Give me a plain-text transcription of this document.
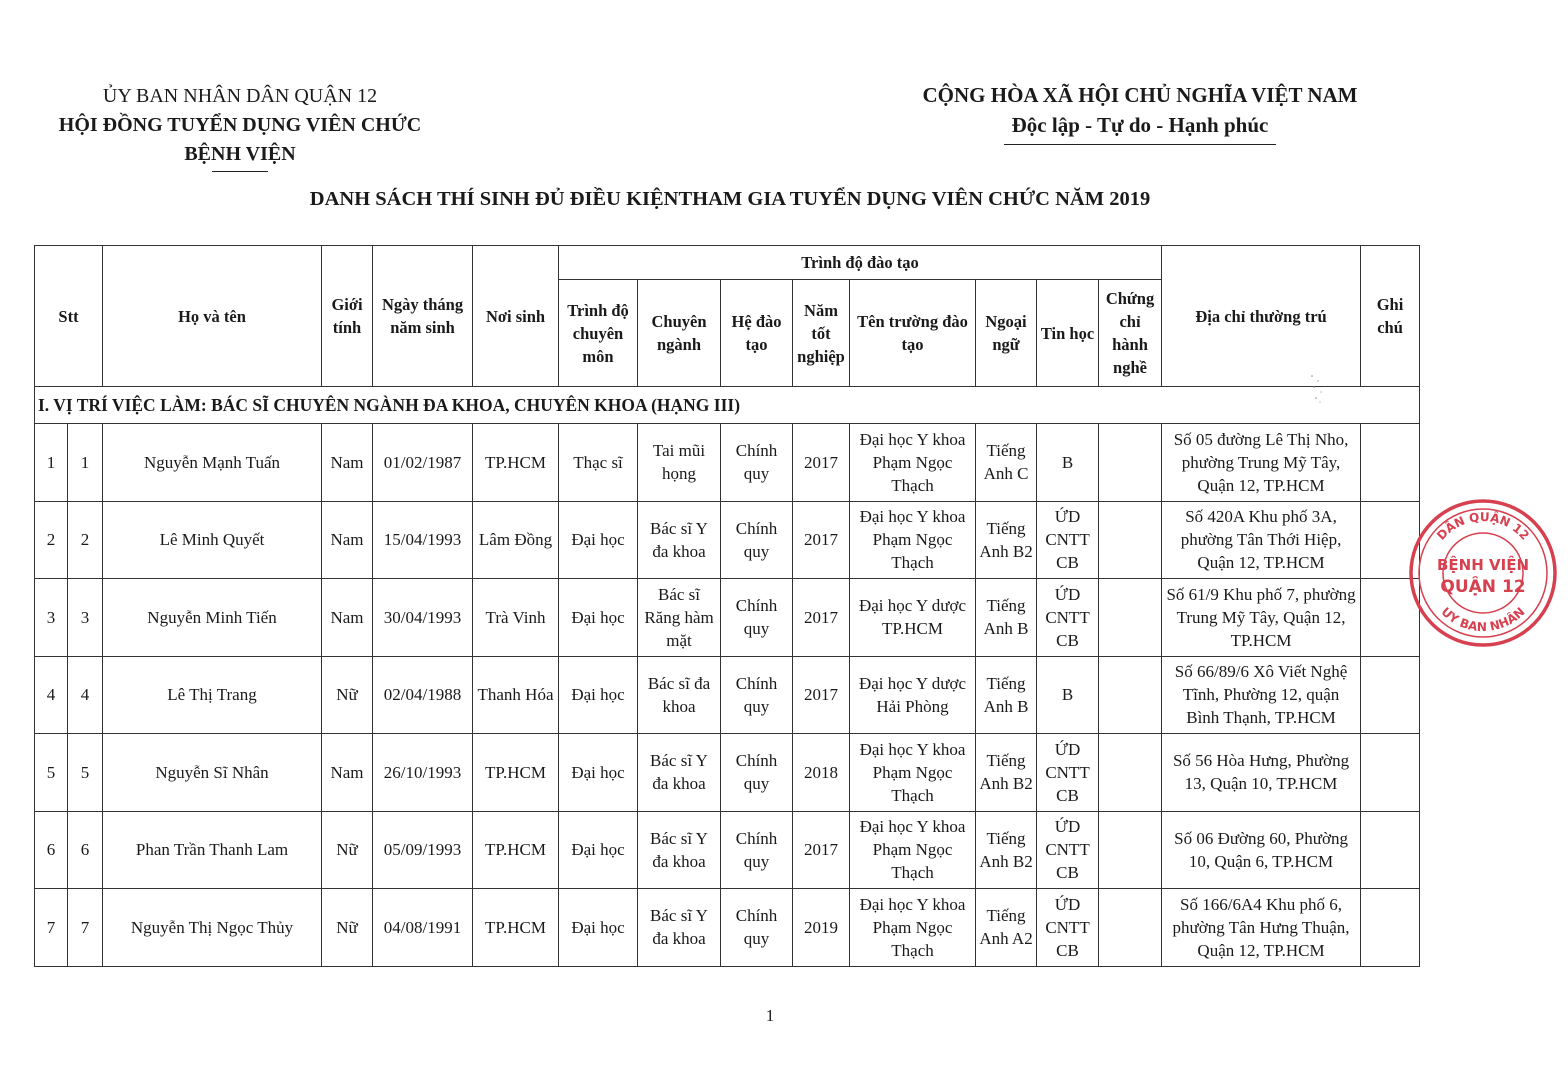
ỦY BAN NHÂN DÂN QUẬN 12
HỘI ĐỒNG TUYỂN DỤNG VIÊN CHỨC
BỆNH VIỆN
CỘNG HÒA XÃ HỘI CHỦ NGHĨA VIỆT NAM
Độc lập - Tự do - Hạnh phúc
DANH SÁCH THÍ SINH ĐỦ ĐIỀU KIỆNTHAM GIA TUYỂN DỤNG VIÊN CHỨC NĂM 2019
Stt		Họ và tên	Giới tính	Ngày tháng năm sinh	Nơi sinh	Trình độ đào tạo								Địa chỉ thường trú	Ghi chú
						Trình độ chuyên môn	Chuyên ngành	Hệ đào tạo	Năm tốt nghiệp	Tên trường đào tạo	Ngoại ngữ	Tin học	Chứng chỉ hành nghề		
I. VỊ TRÍ VIỆC LÀM: BÁC SĨ CHUYÊN NGÀNH ĐA KHOA, CHUYÊN KHOA (HẠNG III)															
1	1	Nguyễn Mạnh Tuấn	Nam	01/02/1987	TP.HCM	Thạc sĩ	Tai mũi họng	Chính quy	2017	Đại học Y khoa Phạm Ngọc Thạch	Tiếng Anh C	B		Số 05 đường Lê Thị Nho, phường Trung Mỹ Tây, Quận 12, TP.HCM	
2	2	Lê Minh Quyết	Nam	15/04/1993	Lâm Đồng	Đại học	Bác sĩ Y đa khoa	Chính quy	2017	Đại học Y khoa Phạm Ngọc Thạch	Tiếng Anh B2	ỨD CNTT CB		Số 420A Khu phố 3A, phường Tân Thới Hiệp, Quận 12, TP.HCM	
3	3	Nguyễn Minh Tiến	Nam	30/04/1993	Trà Vinh	Đại học	Bác sĩ Răng hàm mặt	Chính quy	2017	Đại học Y dược TP.HCM	Tiếng Anh B	ỨD CNTT CB		Số 61/9 Khu phố 7, phường Trung Mỹ Tây, Quận 12, TP.HCM	
4	4	Lê Thị Trang	Nữ	02/04/1988	Thanh Hóa	Đại học	Bác sĩ đa khoa	Chính quy	2017	Đại học Y dược Hải Phòng	Tiếng Anh B	B		Số 66/89/6 Xô Viết Nghệ Tĩnh, Phường 12, quận Bình Thạnh, TP.HCM	
5	5	Nguyễn Sĩ Nhân	Nam	26/10/1993	TP.HCM	Đại học	Bác sĩ Y đa khoa	Chính quy	2018	Đại học Y khoa Phạm Ngọc Thạch	Tiếng Anh B2	ỨD CNTT CB		Số 56 Hòa Hưng, Phường 13, Quận 10, TP.HCM	
6	6	Phan Trần Thanh Lam	Nữ	05/09/1993	TP.HCM	Đại học	Bác sĩ Y đa khoa	Chính quy	2017	Đại học Y khoa Phạm Ngọc Thạch	Tiếng Anh B2	ỨD CNTT CB		Số 06 Đường 60, Phường 10, Quận 6, TP.HCM	
7	7	Nguyễn Thị Ngọc Thủy	Nữ	04/08/1991	TP.HCM	Đại học	Bác sĩ Y đa khoa	Chính quy	2019	Đại học Y khoa Phạm Ngọc Thạch	Tiếng Anh A2	ỨD CNTT CB		Số 166/6A4 Khu phố 6, phường Tân Hưng Thuận, Quận 12, TP.HCM	
DÂN QUẬN 12
UY BAN NHÂN
BỆNH VIỆN
QUẬN 12
1
